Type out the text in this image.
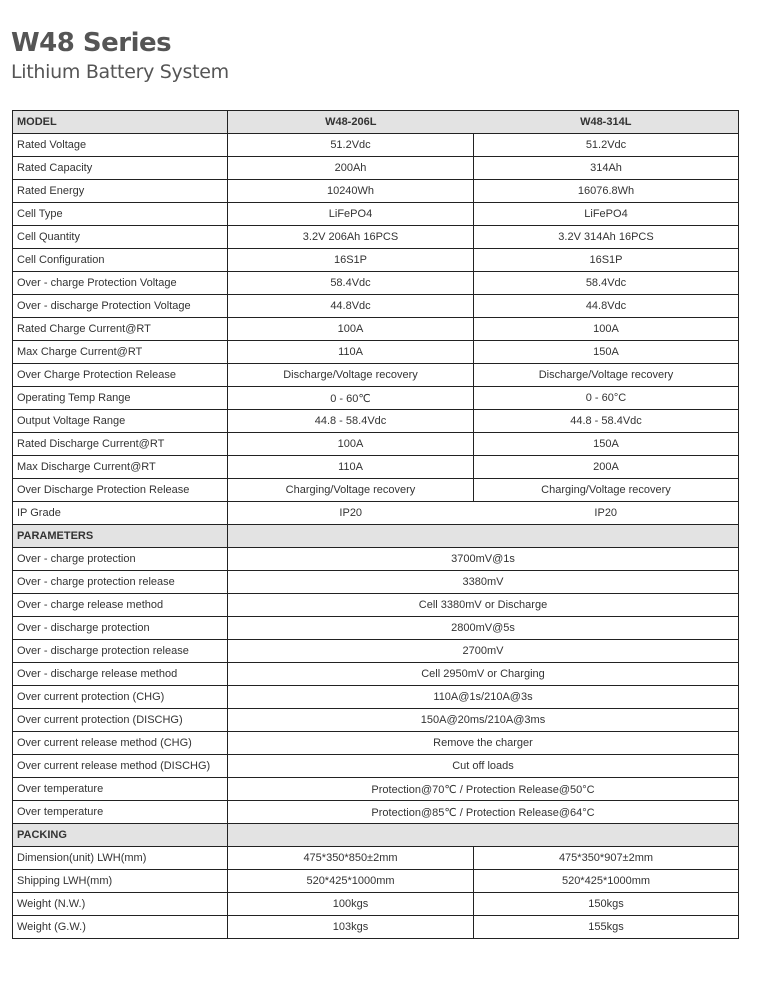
W48 Series
Lithium Battery System
MODEL	W48-206L	W48-314L
Rated Voltage	51.2Vdc	51.2Vdc
Rated Capacity	200Ah	314Ah
Rated Energy	10240Wh	16076.8Wh
Cell Type	LiFePO4	LiFePO4
Cell Quantity	3.2V 206Ah 16PCS	3.2V 314Ah 16PCS
Cell Configuration	16S1P	16S1P
Over - charge Protection Voltage	58.4Vdc	58.4Vdc
Over - discharge Protection Voltage	44.8Vdc	44.8Vdc
Rated Charge Current@RT	100A	100A
Max Charge Current@RT	110A	150A
Over Charge Protection Release	Discharge/Voltage recovery	Discharge/Voltage recovery
Operating Temp Range	0 - 60℃	0 - 60°C
Output Voltage Range	44.8 - 58.4Vdc	44.8 - 58.4Vdc
Rated Discharge Current@RT	100A	150A
Max Discharge Current@RT	110A	200A
Over Discharge Protection Release	Charging/Voltage recovery	Charging/Voltage recovery
IP Grade	IP20	IP20
PARAMETERS		
Over - charge protection	3700mV@1s	
Over - charge protection release	3380mV	
Over - charge release method	Cell 3380mV or Discharge	
Over - discharge protection	2800mV@5s	
Over - discharge protection release	2700mV	
Over - discharge release method	Cell 2950mV or Charging	
Over current protection (CHG)	110A@1s/210A@3s	
Over current protection (DISCHG)	150A@20ms/210A@3ms	
Over current release method (CHG)	Remove the charger	
Over current release method (DISCHG)	Cut off loads	
Over temperature	Protection@70℃ / Protection Release@50°C	
Over temperature	Protection@85℃ / Protection Release@64°C	
PACKING		
Dimension(unit) LWH(mm)	475*350*850±2mm	475*350*907±2mm
Shipping LWH(mm)	520*425*1000mm	520*425*1000mm
Weight (N.W.)	100kgs	150kgs
Weight (G.W.)	103kgs	155kgs
